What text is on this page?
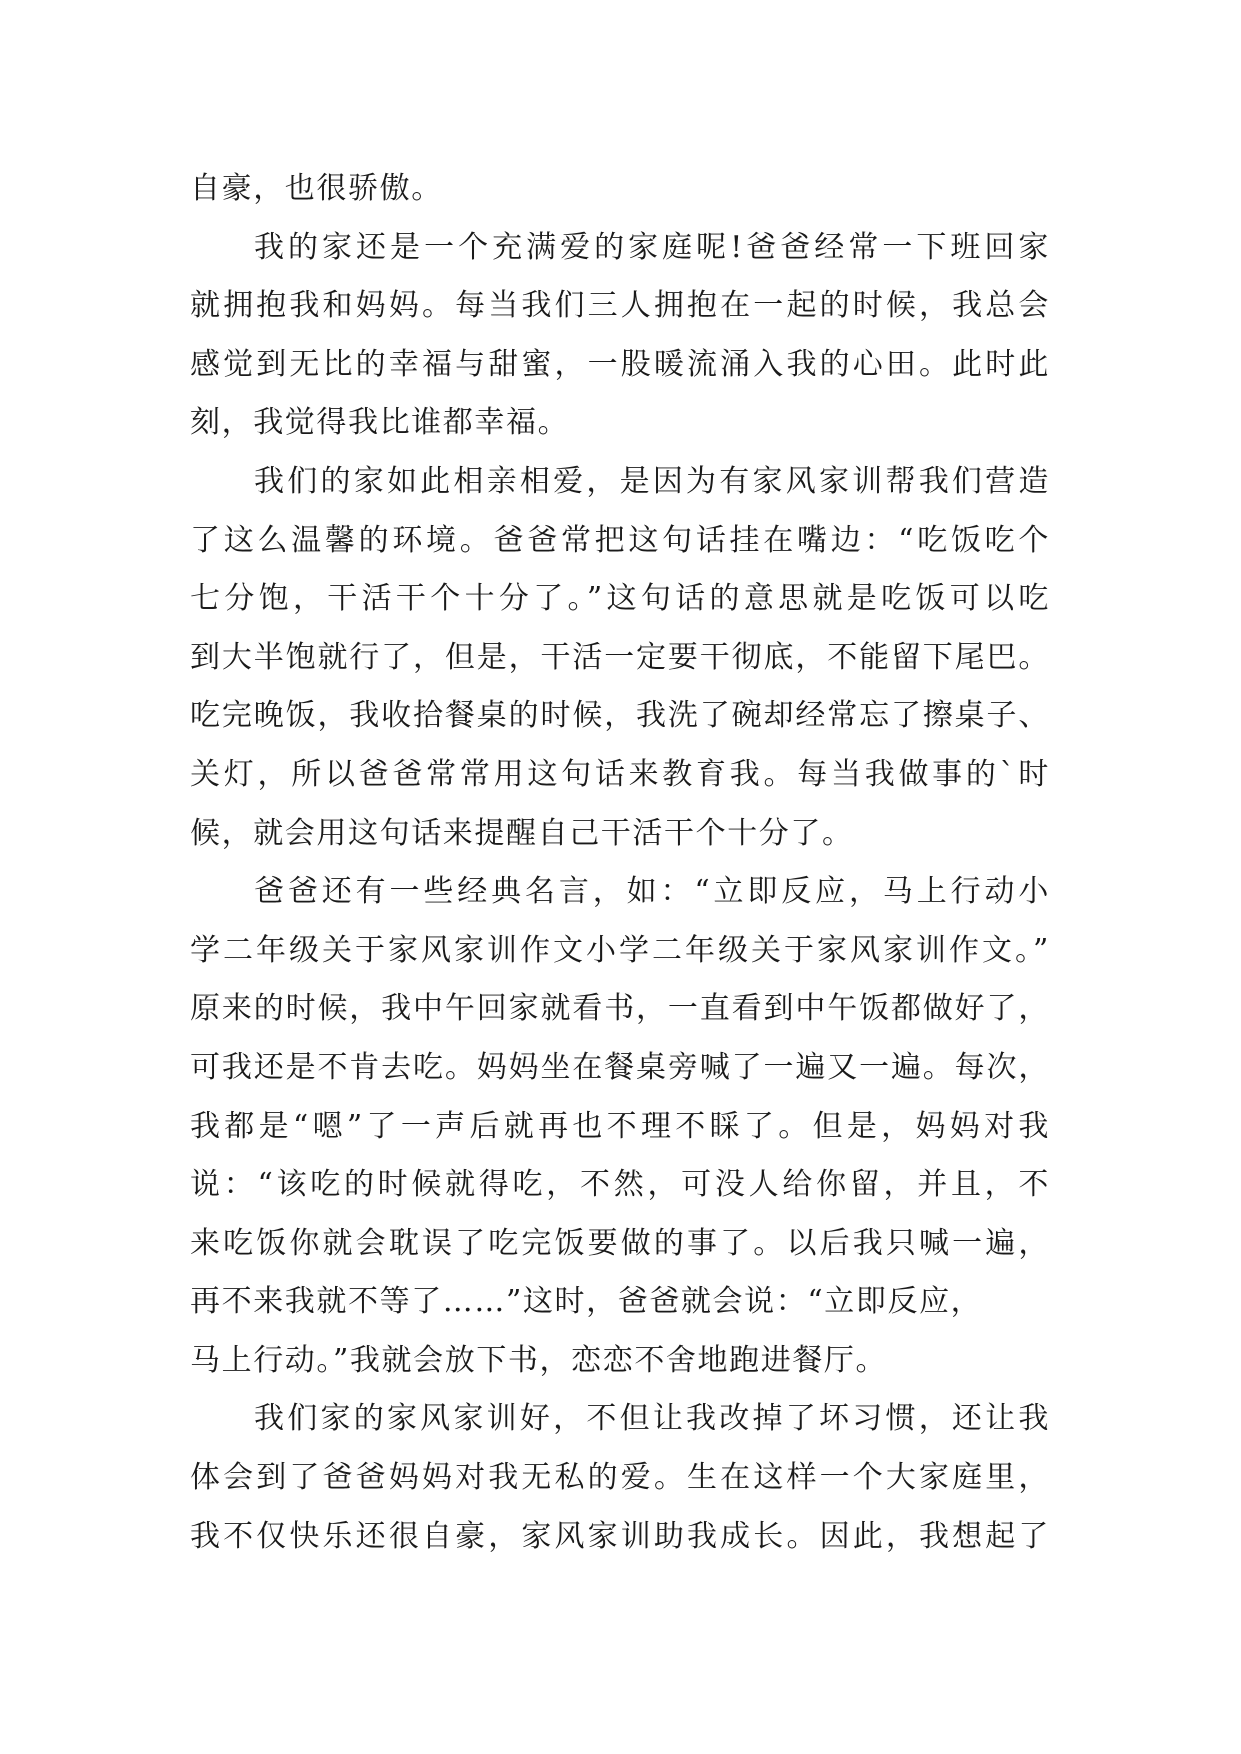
自豪，也很骄傲。
我的家还是一个充满爱的家庭呢!爸爸经常一下班回家
就拥抱我和妈妈。每当我们三人拥抱在一起的时候，我总会
感觉到无比的幸福与甜蜜，一股暖流涌入我的心田。此时此
刻，我觉得我比谁都幸福。
我们的家如此相亲相爱，是因为有家风家训帮我们营造
了这么温馨的环境。爸爸常把这句话挂在嘴边：“吃饭吃个
七分饱，干活干个十分了。”这句话的意思就是吃饭可以吃
到大半饱就行了，但是，干活一定要干彻底，不能留下尾巴。
吃完晚饭，我收拾餐桌的时候，我洗了碗却经常忘了擦桌子、
关灯，所以爸爸常常用这句话来教育我。每当我做事的`时
候，就会用这句话来提醒自己干活干个十分了。
爸爸还有一些经典名言，如：“立即反应，马上行动小
学二年级关于家风家训作文小学二年级关于家风家训作文。”
原来的时候，我中午回家就看书，一直看到中午饭都做好了，
可我还是不肯去吃。妈妈坐在餐桌旁喊了一遍又一遍。每次，
我都是“嗯”了一声后就再也不理不睬了。但是，妈妈对我
说：“该吃的时候就得吃，不然，可没人给你留，并且，不
来吃饭你就会耽误了吃完饭要做的事了。以后我只喊一遍，
再不来我就不等了……”这时，爸爸就会说：“立即反应，
马上行动。”我就会放下书，恋恋不舍地跑进餐厅。
我们家的家风家训好，不但让我改掉了坏习惯，还让我
体会到了爸爸妈妈对我无私的爱。生在这样一个大家庭里，
我不仅快乐还很自豪，家风家训助我成长。因此，我想起了
